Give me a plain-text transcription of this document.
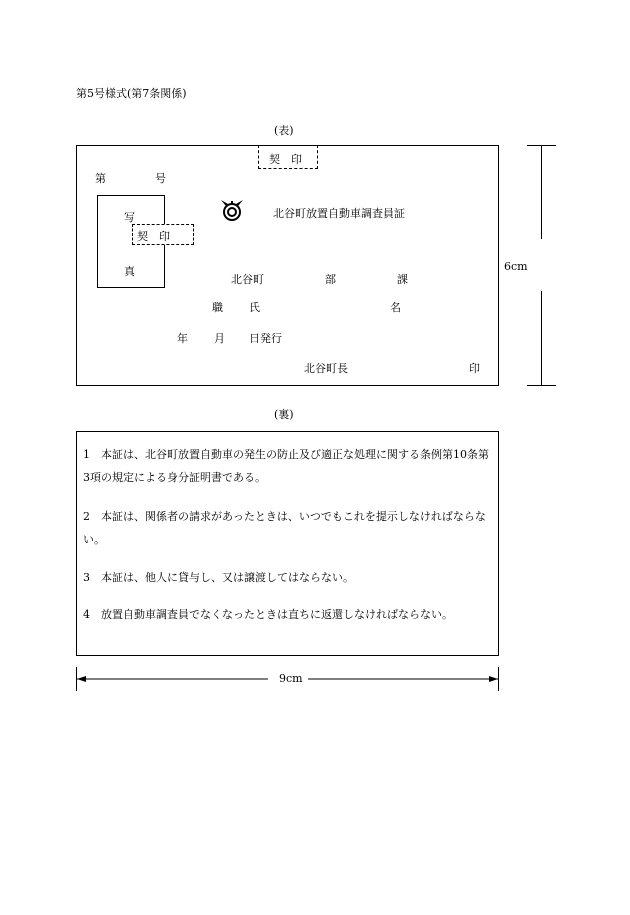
第5号様式(第7条関係)
(表)
契　印
第	号
写
真
契　印
北谷町放置自動車調査員証
北谷町	部	課
職 氏	名
年 月 日発行
北谷町長	印
6cm
(裏)
1　本証は、北谷町放置自動車の発生の防止及び適正な処理に関する条例第10条第3項の規定による身分証明書である。
2　本証は、関係者の請求があったときは、いつでもこれを提示しなければならない。
3　本証は、他人に貸与し、又は譲渡してはならない。
4　放置自動車調査員でなくなったときは直ちに返還しなければならない。
9cm
